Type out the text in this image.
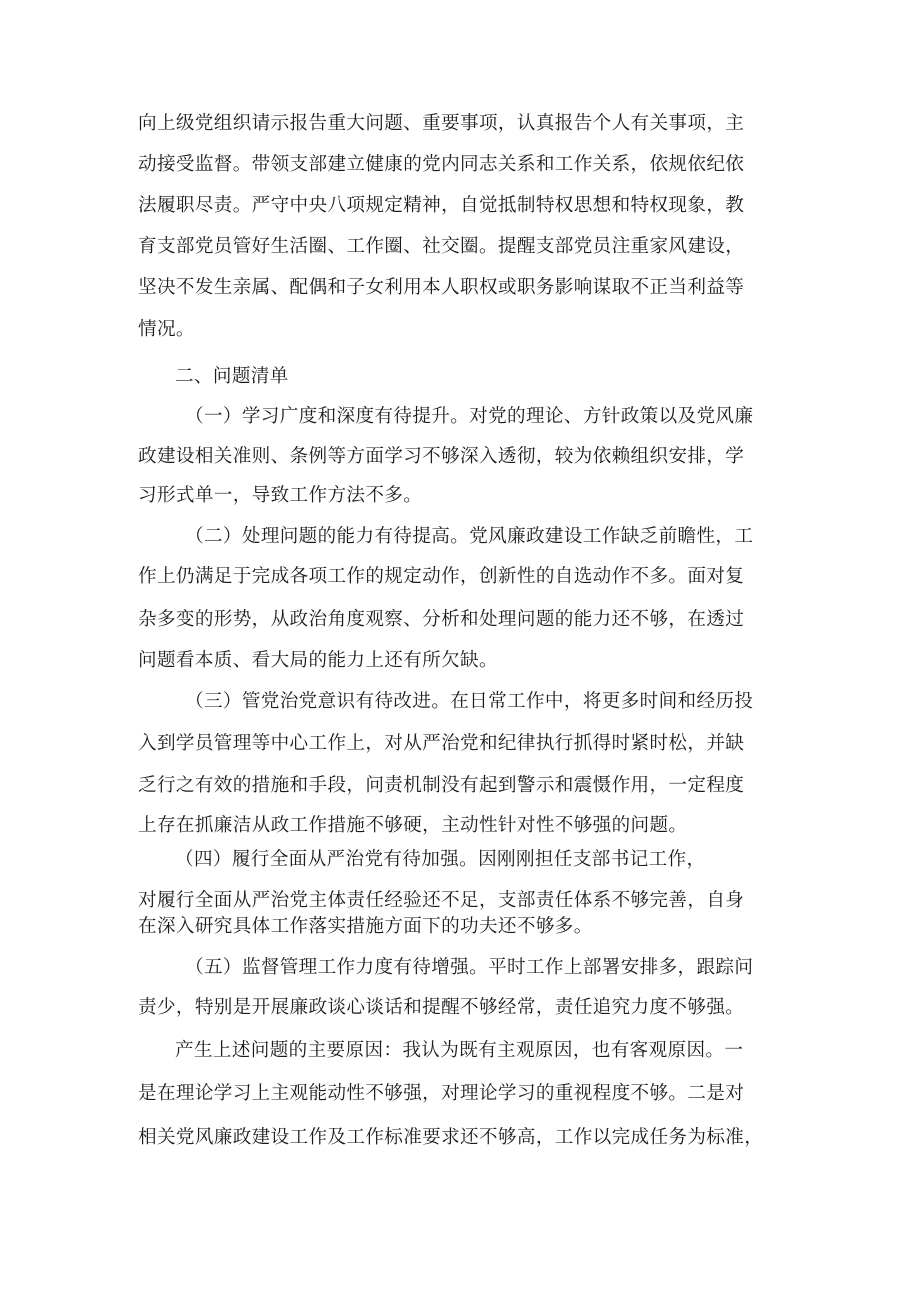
向上级党组织请示报告重大问题、重要事项，认真报告个人有关事项，主
动接受监督。带领支部建立健康的党内同志关系和工作关系，依规依纪依
法履职尽责。严守中央八项规定精神，自觉抵制特权思想和特权现象，教
育支部党员管好生活圈、工作圈、社交圈。提醒支部党员注重家风建设，
坚决不发生亲属、配偶和子女利用本人职权或职务影响谋取不正当利益等
情况。
二、问题清单
（一）学习广度和深度有待提升。对党的理论、方针政策以及党风廉
政建设相关准则、条例等方面学习不够深入透彻，较为依赖组织安排，学
习形式单一，导致工作方法不多。
（二）处理问题的能力有待提高。党风廉政建设工作缺乏前瞻性，工
作上仍满足于完成各项工作的规定动作，创新性的自选动作不多。面对复
杂多变的形势，从政治角度观察、分析和处理问题的能力还不够，在透过
问题看本质、看大局的能力上还有所欠缺。
（三）管党治党意识有待改进。在日常工作中，将更多时间和经历投
入到学员管理等中心工作上，对从严治党和纪律执行抓得时紧时松，并缺
乏行之有效的措施和手段，问责机制没有起到警示和震慑作用，一定程度
上存在抓廉洁从政工作措施不够硬，主动性针对性不够强的问题。
（四）履行全面从严治党有待加强。因刚刚担任支部书记工作，
对履行全面从严治党主体责任经验还不足，支部责任体系不够完善，自身
在深入研究具体工作落实措施方面下的功夫还不够多。
（五）监督管理工作力度有待增强。平时工作上部署安排多，跟踪问
责少，特别是开展廉政谈心谈话和提醒不够经常，责任追究力度不够强。
产生上述问题的主要原因：我认为既有主观原因，也有客观原因。一
是在理论学习上主观能动性不够强，对理论学习的重视程度不够。二是对
相关党风廉政建设工作及工作标准要求还不够高，工作以完成任务为标准，
